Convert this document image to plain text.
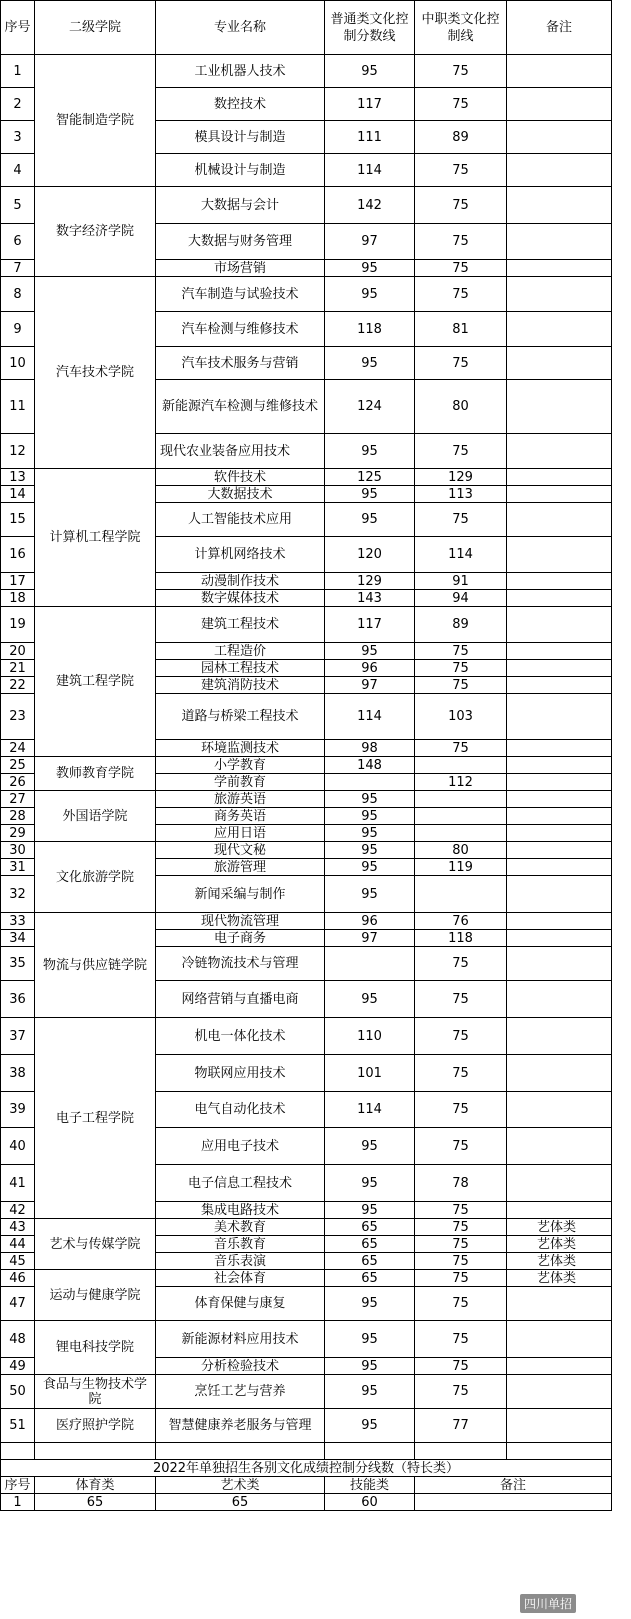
序号	二级学院	专业名称	普通类文化控制分数线	中职类文化控制线	备注
1	智能制造学院	工业机器人技术	95	75	
2		数控技术	117	75	
3		模具设计与制造	111	89	
4		机械设计与制造	114	75	
5	数字经济学院	大数据与会计	142	75	
6		大数据与财务管理	97	75	
7		市场营销	95	75	
8	汽车技术学院	汽车制造与试验技术	95	75	
9		汽车检测与维修技术	118	81	
10		汽车技术服务与营销	95	75	
11		新能源汽车检测与维修技术	124	80	
12		现代农业装备应用技术	95	75	
13	计算机工程学院	软件技术	125	129	
14		大数据技术	95	113	
15		人工智能技术应用	95	75	
16		计算机网络技术	120	114	
17		动漫制作技术	129	91	
18		数字媒体技术	143	94	
19	建筑工程学院	建筑工程技术	117	89	
20		工程造价	95	75	
21		园林工程技术	96	75	
22		建筑消防技术	97	75	
23		道路与桥梁工程技术	114	103	
24		环境监测技术	98	75	
25	教师教育学院	小学教育	148		
26		学前教育		112	
27	外国语学院	旅游英语	95		
28		商务英语	95		
29		应用日语	95		
30	文化旅游学院	现代文秘	95	80	
31		旅游管理	95	119	
32		新闻采编与制作	95		
33	物流与供应链学院	现代物流管理	96	76	
34		电子商务	97	118	
35		冷链物流技术与管理		75	
36		网络营销与直播电商	95	75	
37	电子工程学院	机电一体化技术	110	75	
38		物联网应用技术	101	75	
39		电气自动化技术	114	75	
40		应用电子技术	95	75	
41		电子信息工程技术	95	78	
42		集成电路技术	95	75	
43	艺术与传媒学院	美术教育	65	75	艺体类
44		音乐教育	65	75	艺体类
45		音乐表演	65	75	艺体类
46	运动与健康学院	社会体育	65	75	艺体类
47		体育保健与康复	95	75	
48	锂电科技学院	新能源材料应用技术	95	75	
49		分析检验技术	95	75	
50	食品与生物技术学院	烹饪工艺与营养	95	75	
51	医疗照护学院	智慧健康养老服务与管理	95	77	

2022年单独招生各别文化成绩控制分线数（特长类）					
序号	体育类	艺术类	技能类	备注	
1	65	65	60		
四川单招
